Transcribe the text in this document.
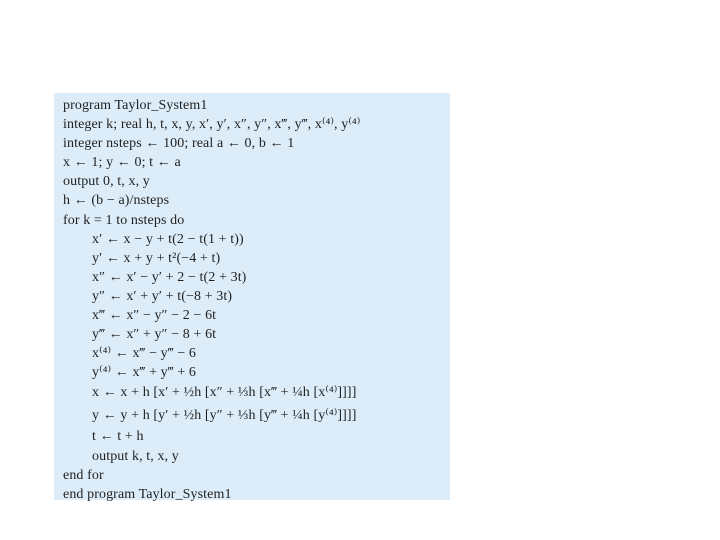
program Taylor_System1
integer k; real h, t, x, y, x′, y′, x″, y″, x‴, y‴, x⁽⁴⁾, y⁽⁴⁾
integer nsteps ← 100; real a ← 0, b ← 1
x ← 1; y ← 0; t ← a
output 0, t, x, y
h ← (b − a)/nsteps
for k = 1 to nsteps do
x′ ← x − y + t(2 − t(1 + t))
y′ ← x + y + t²(−4 + t)
x″ ← x′ − y′ + 2 − t(2 + 3t)
y″ ← x′ + y′ + t(−8 + 3t)
x‴ ← x″ − y″ − 2 − 6t
y‴ ← x″ + y″ − 8 + 6t
x⁽⁴⁾ ← x‴ − y‴ − 6
y⁽⁴⁾ ← x‴ + y‴ + 6
x ← x + h [x′ + ½h [x″ + ⅓h [x‴ + ¼h [x⁽⁴⁾]]]]
y ← y + h [y′ + ½h [y″ + ⅓h [y‴ + ¼h [y⁽⁴⁾]]]]
t ← t + h
output k, t, x, y
end for
end program Taylor_System1
